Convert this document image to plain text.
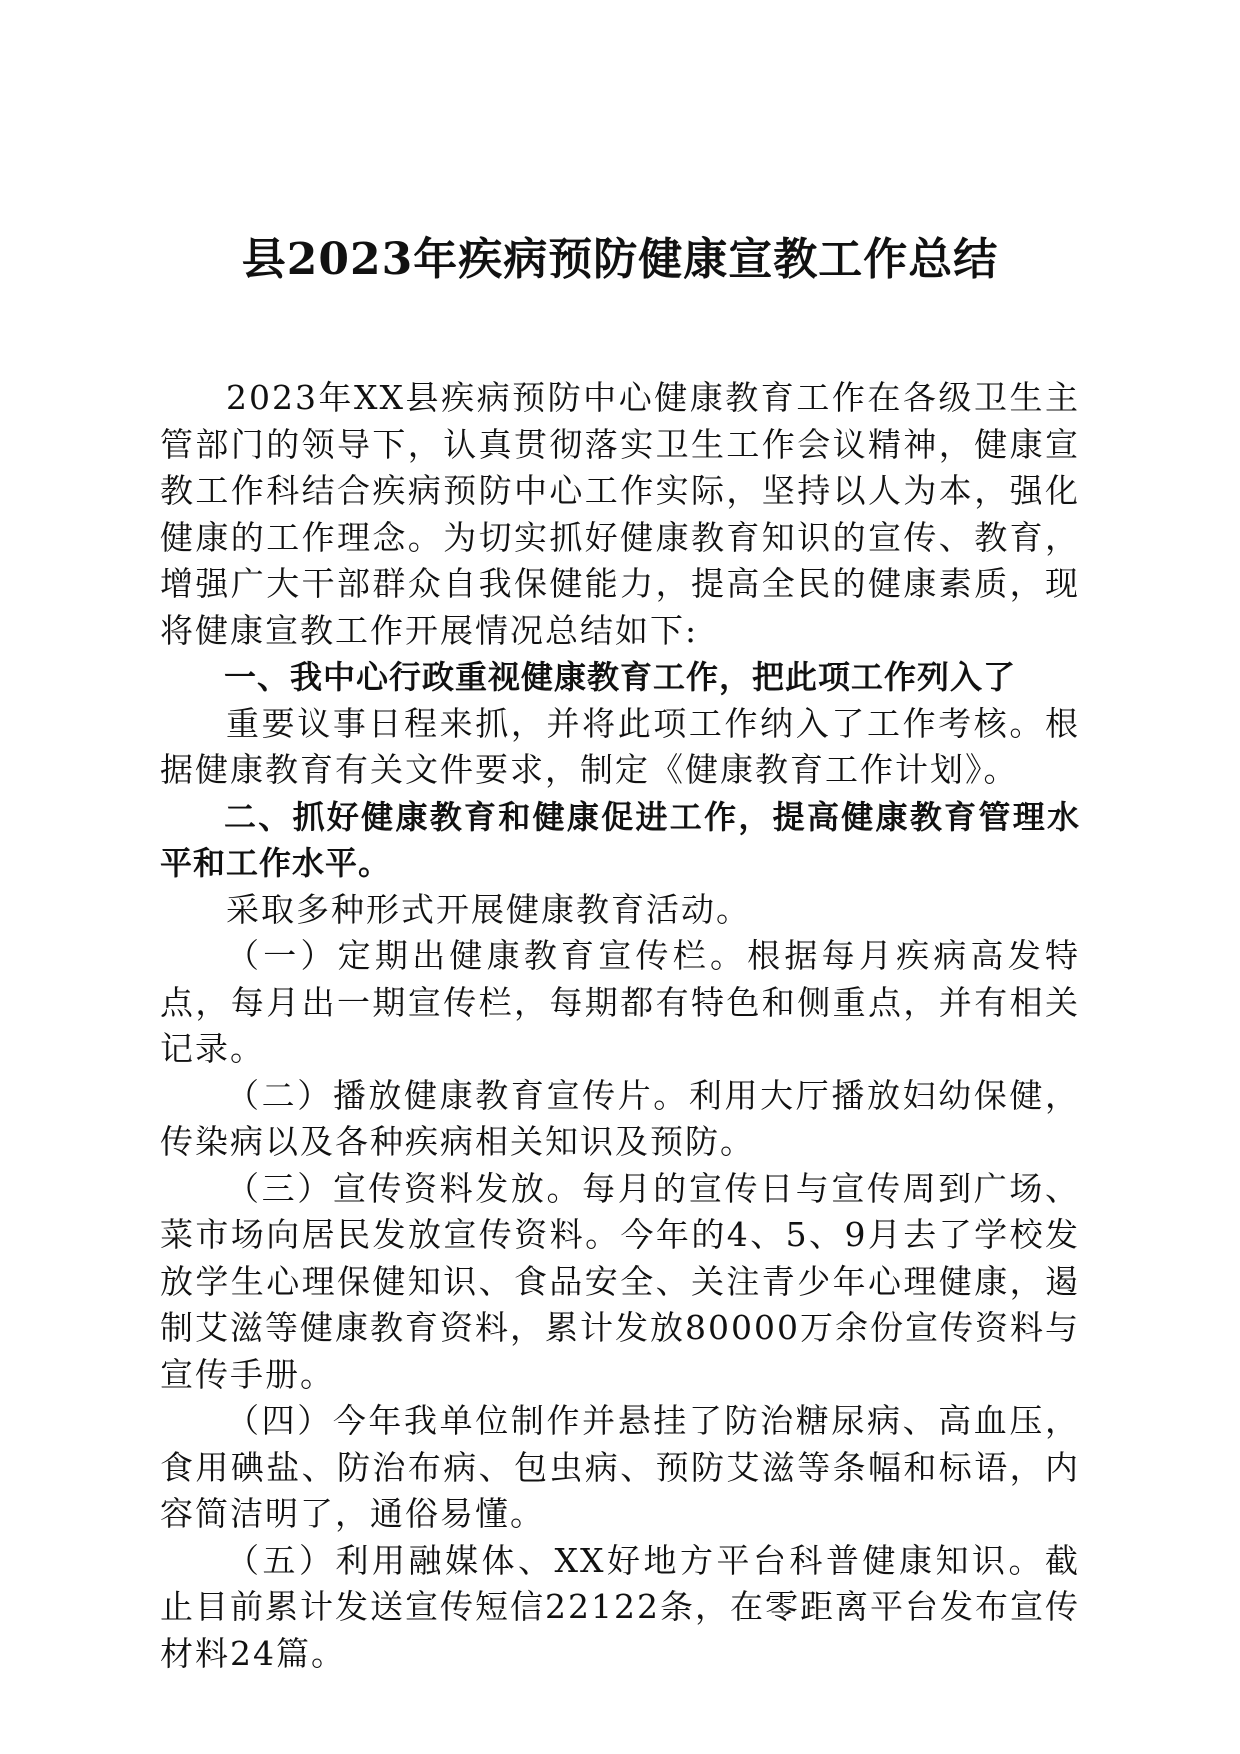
县2023年疾病预防健康宣教工作总结

2023年XX县疾病预防中心健康教育工作在各级卫生主管部门的领导下，认真贯彻落实卫生工作会议精神，健康宣教工作科结合疾病预防中心工作实际，坚持以人为本，强化健康的工作理念。为切实抓好健康教育知识的宣传、教育，增强广大干部群众自我保健能力，提高全民的健康素质，现将健康宣教工作开展情况总结如下:

一、我中心行政重视健康教育工作，把此项工作列入了

重要议事日程来抓，并将此项工作纳入了工作考核。根据健康教育有关文件要求，制定《健康教育工作计划》。

二、抓好健康教育和健康促进工作，提高健康教育管理水平和工作水平。

采取多种形式开展健康教育活动。

（一）定期出健康教育宣传栏。根据每月疾病高发特点，每月出一期宣传栏，每期都有特色和侧重点，并有相关记录。

（二）播放健康教育宣传片。利用大厅播放妇幼保健，传染病以及各种疾病相关知识及预防。

（三）宣传资料发放。每月的宣传日与宣传周到广场、菜市场向居民发放宣传资料。今年的4、5、9月去了学校发放学生心理保健知识、食品安全、关注青少年心理健康，遏制艾滋等健康教育资料，累计发放80000万余份宣传资料与宣传手册。

（四）今年我单位制作并悬挂了防治糖尿病、高血压，食用碘盐、防治布病、包虫病、预防艾滋等条幅和标语，内容简洁明了，通俗易懂。

（五）利用融媒体、XX好地方平台科普健康知识。截止目前累计发送宣传短信22122条，在零距离平台发布宣传材料24篇。
